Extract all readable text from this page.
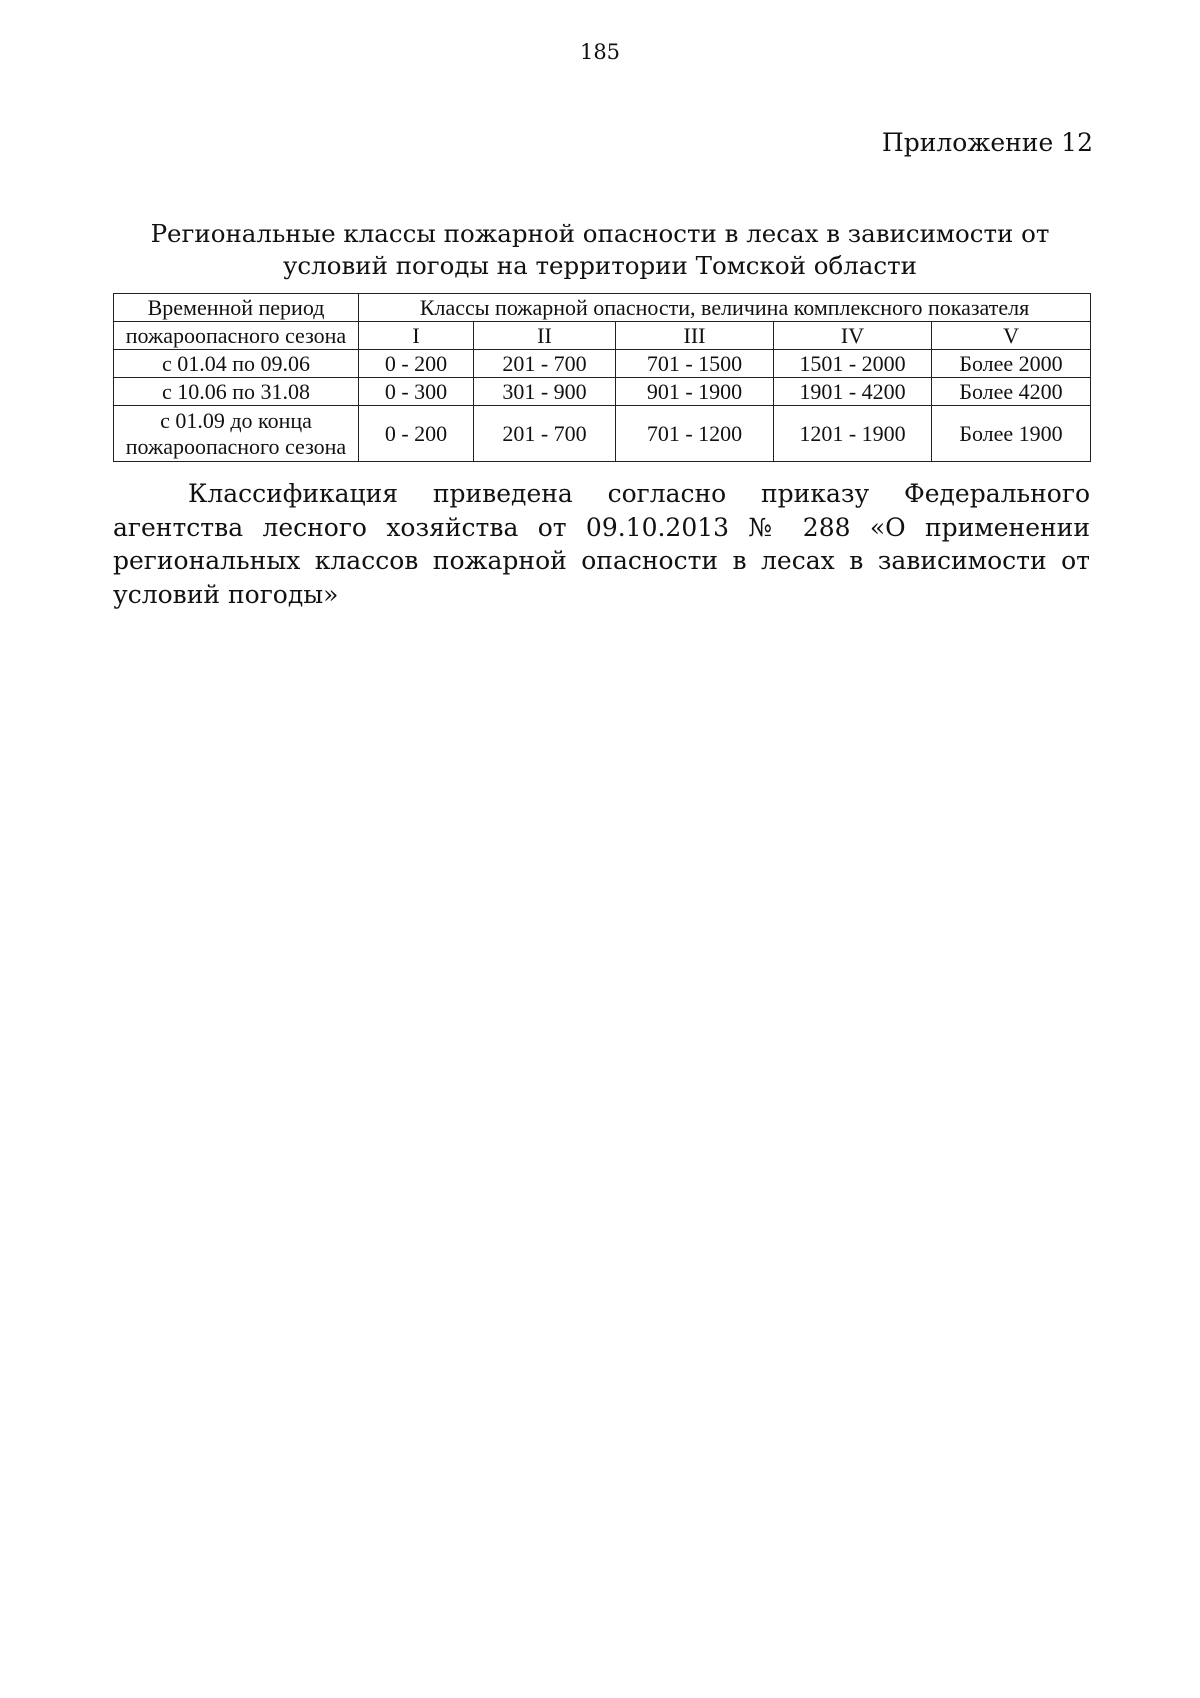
185
Приложение 12
Региональные классы пожарной опасности в лесах в зависимости от
условий погоды на территории Томской области
Временной период	Классы пожарной опасности, величина комплексного показателя				
пожароопасного сезона	I	II	III	IV	V
с 01.04 по 09.06	0 - 200	201 - 700	701 - 1500	1501 - 2000	Более 2000
с 10.06 по 31.08	0 - 300	301 - 900	901 - 1900	1901 - 4200	Более 4200

с 01.09 до конца
пожароопасного сезона	0 - 200	201 - 700	701 - 1200	1201 - 1900	Более 1900
Классификация приведена согласно приказу Федерального агентства лесного хозяйства от 09.10.2013 № 288 «О применении региональных классов пожарной опасности в лесах в зависимости от условий погоды»
